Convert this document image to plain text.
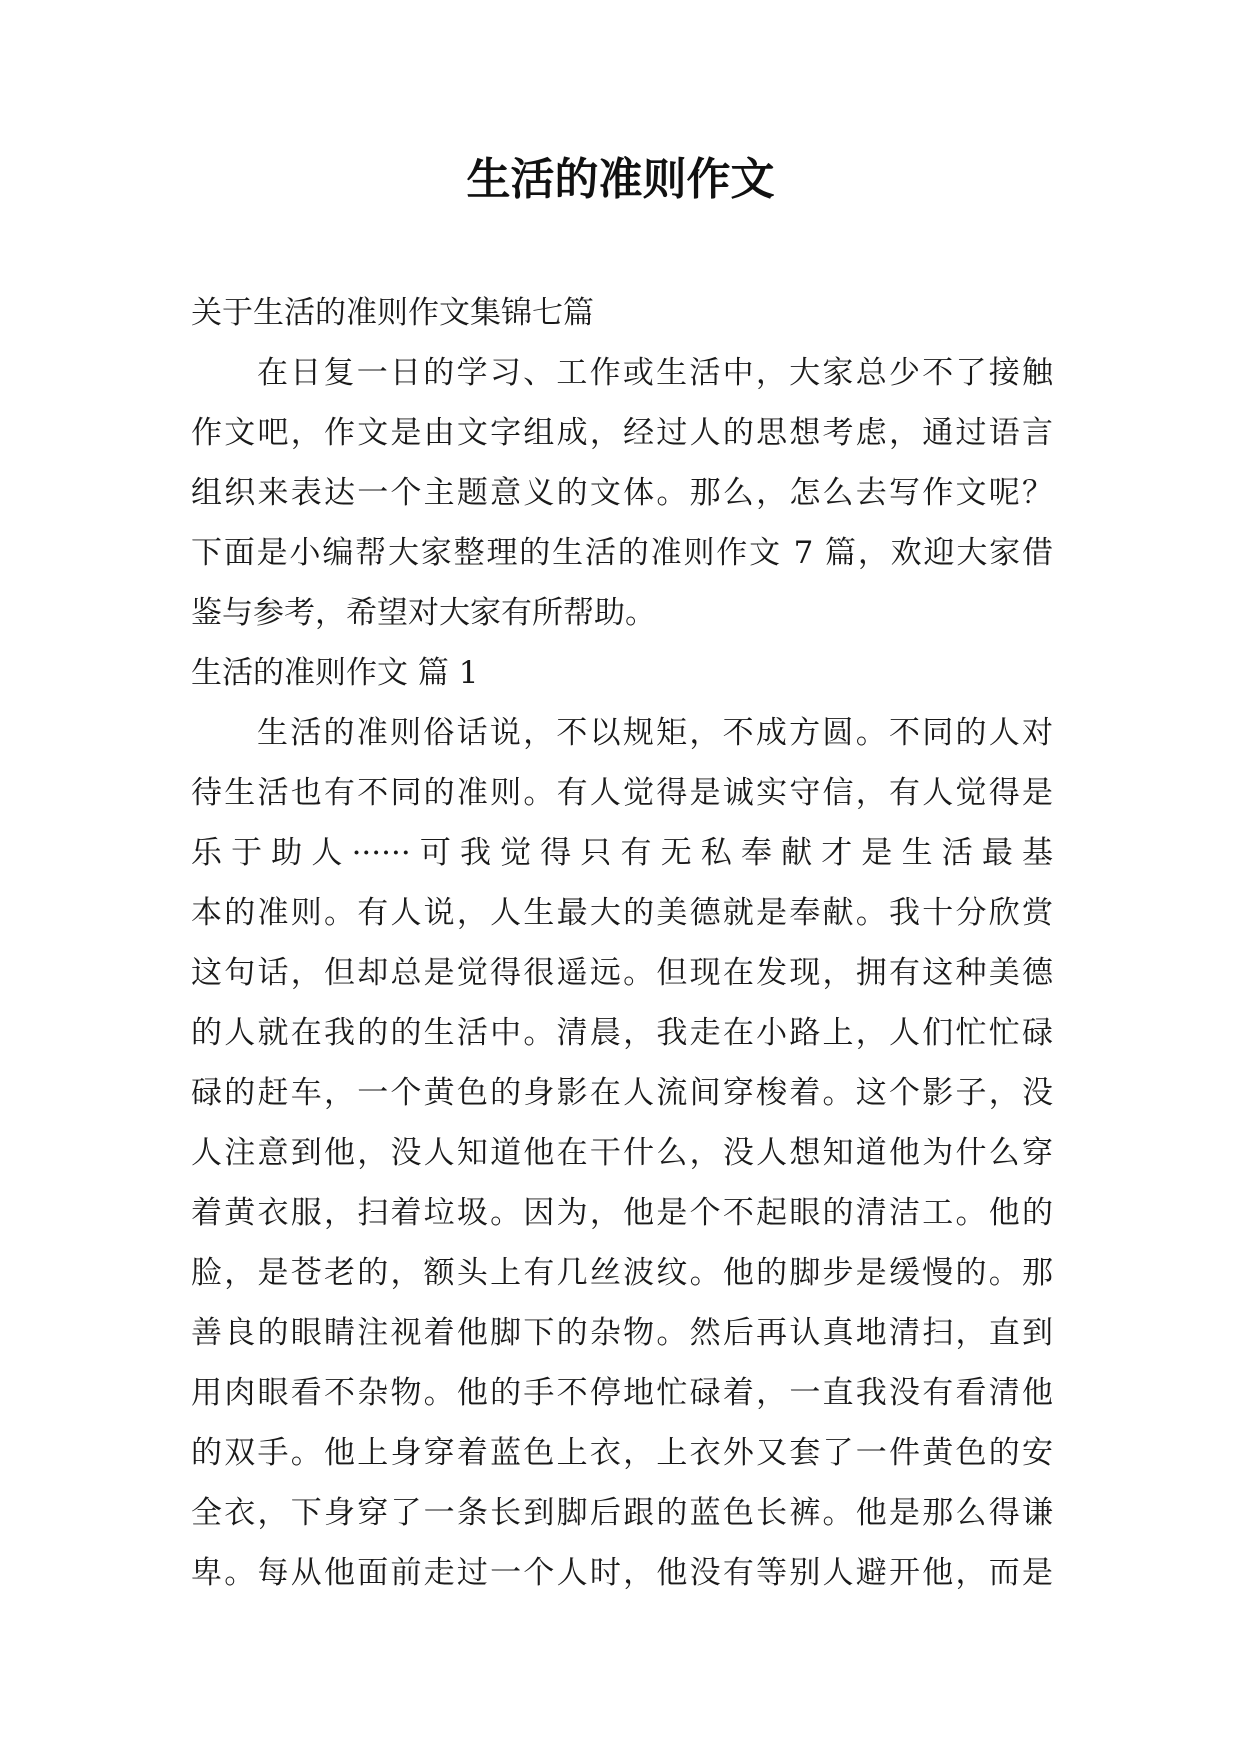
生活的准则作文
关于生活的准则作文集锦七篇
在日复一日的学习、工作或生活中，大家总少不了接触
作文吧，作文是由文字组成，经过人的思想考虑，通过语言
组织来表达一个主题意义的文体。那么，怎么去写作文呢？
下面是小编帮大家整理的生活的准则作文 7 篇，欢迎大家借
鉴与参考，希望对大家有所帮助。
生活的准则作文 篇 1
生活的准则俗话说，不以规矩，不成方圆。不同的人对
待生活也有不同的准则。有人觉得是诚实守信，有人觉得是
乐于助人······可我觉得只有无私奉献才是生活最基
本的准则。有人说，人生最大的美德就是奉献。我十分欣赏
这句话，但却总是觉得很遥远。但现在发现，拥有这种美德
的人就在我的的生活中。清晨，我走在小路上，人们忙忙碌
碌的赶车，一个黄色的身影在人流间穿梭着。这个影子，没
人注意到他，没人知道他在干什么，没人想知道他为什么穿
着黄衣服，扫着垃圾。因为，他是个不起眼的清洁工。他的
脸，是苍老的，额头上有几丝波纹。他的脚步是缓慢的。那
善良的眼睛注视着他脚下的杂物。然后再认真地清扫，直到
用肉眼看不杂物。他的手不停地忙碌着，一直我没有看清他
的双手。他上身穿着蓝色上衣，上衣外又套了一件黄色的安
全衣，下身穿了一条长到脚后跟的蓝色长裤。他是那么得谦
卑。每从他面前走过一个人时，他没有等别人避开他，而是
